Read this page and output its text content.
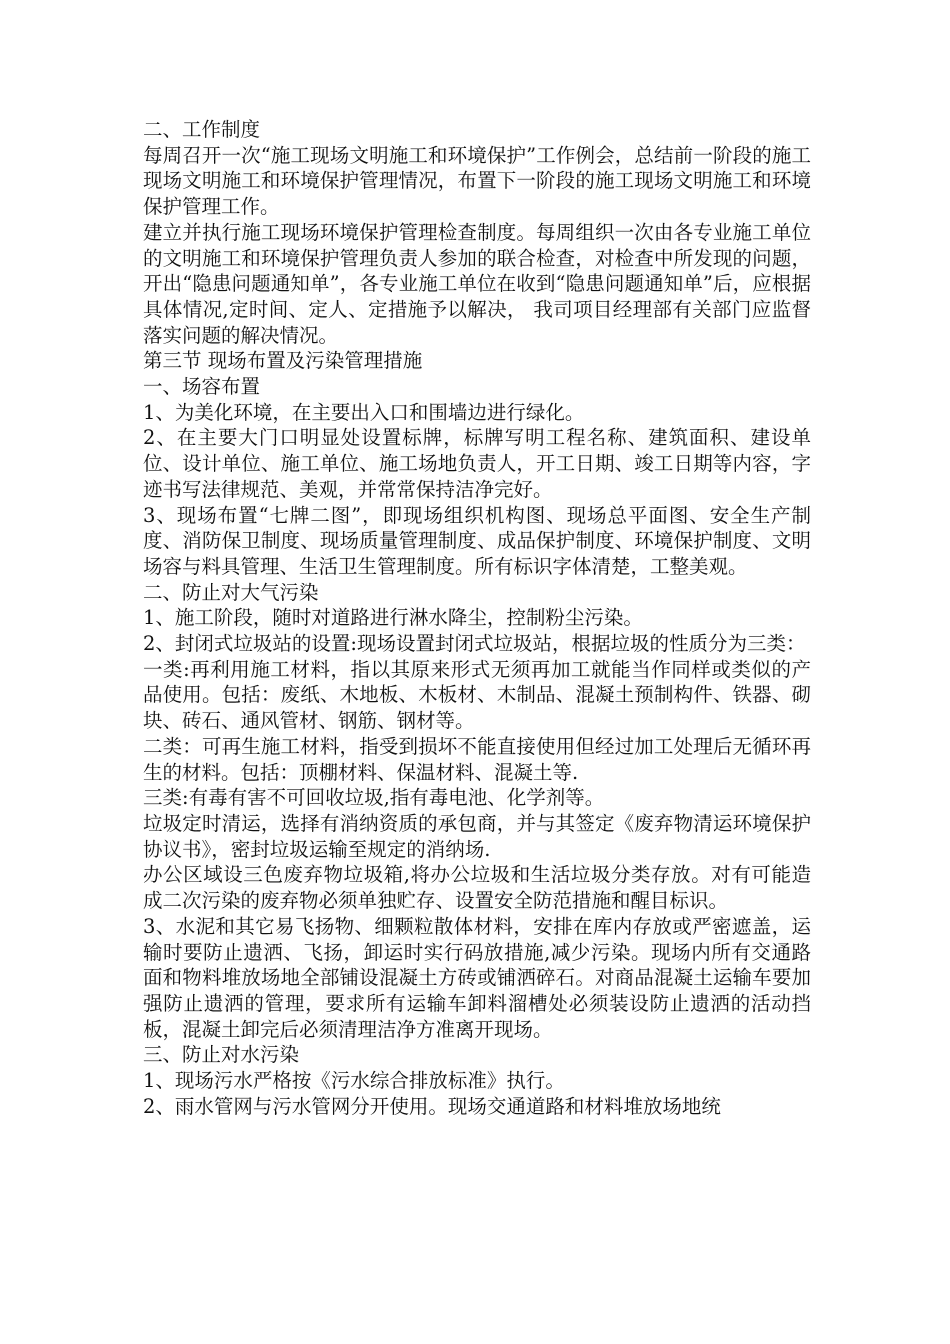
二、工作制度

每周召开一次“施工现场文明施工和环境保护”工作例会，总结前一阶段的施工现场文明施工和环境保护管理情况，布置下一阶段的施工现场文明施工和环境保护管理工作。

建立并执行施工现场环境保护管理检查制度。每周组织一次由各专业施工单位的文明施工和环境保护管理负责人参加的联合检查，对检查中所发现的问题，开出“隐患问题通知单”，各专业施工单位在收到“隐患问题通知单”后，应根据具体情况,定时间、定人、定措施予以解决， 我司项目经理部有关部门应监督落实问题的解决情况。

第三节 现场布置及污染管理措施

一、场容布置

1、为美化环境，在主要出入口和围墙边进行绿化。

2、在主要大门口明显处设置标牌，标牌写明工程名称、建筑面积、建设单位、设计单位、施工单位、施工场地负责人，开工日期、竣工日期等内容，字迹书写法律规范、美观，并常常保持洁净完好。

3、现场布置“七牌二图”，即现场组织机构图、现场总平面图、安全生产制度、消防保卫制度、现场质量管理制度、成品保护制度、环境保护制度、文明场容与料具管理、生活卫生管理制度。所有标识字体清楚，工整美观。

二、防止对大气污染

1、施工阶段，随时对道路进行淋水降尘，控制粉尘污染。

2、封闭式垃圾站的设置:现场设置封闭式垃圾站，根据垃圾的性质分为三类：

一类:再利用施工材料，指以其原来形式无须再加工就能当作同样或类似的产品使用。包括：废纸、木地板、木板材、木制品、混凝土预制构件、铁器、砌块、砖石、通风管材、钢筋、钢材等。

二类：可再生施工材料，指受到损坏不能直接使用但经过加工处理后无循环再生的材料。包括：顶棚材料、保温材料、混凝土等.

三类:有毒有害不可回收垃圾,指有毒电池、化学剂等。

垃圾定时清运，选择有消纳资质的承包商，并与其签定《废弃物清运环境保护协议书》，密封垃圾运输至规定的消纳场.

办公区域设三色废弃物垃圾箱,将办公垃圾和生活垃圾分类存放。对有可能造成二次污染的废弃物必须单独贮存、设置安全防范措施和醒目标识。

3、水泥和其它易飞扬物、细颗粒散体材料，安排在库内存放或严密遮盖，运输时要防止遗洒、飞扬，卸运时实行码放措施,减少污染。现场内所有交通路面和物料堆放场地全部铺设混凝土方砖或铺洒碎石。对商品混凝土运输车要加强防止遗洒的管理，要求所有运输车卸料溜槽处必须装设防止遗洒的活动挡板，混凝土卸完后必须清理洁净方准离开现场。

三、防止对水污染

1、现场污水严格按《污水综合排放标准》执行。

2、雨水管网与污水管网分开使用。现场交通道路和材料堆放场地统
